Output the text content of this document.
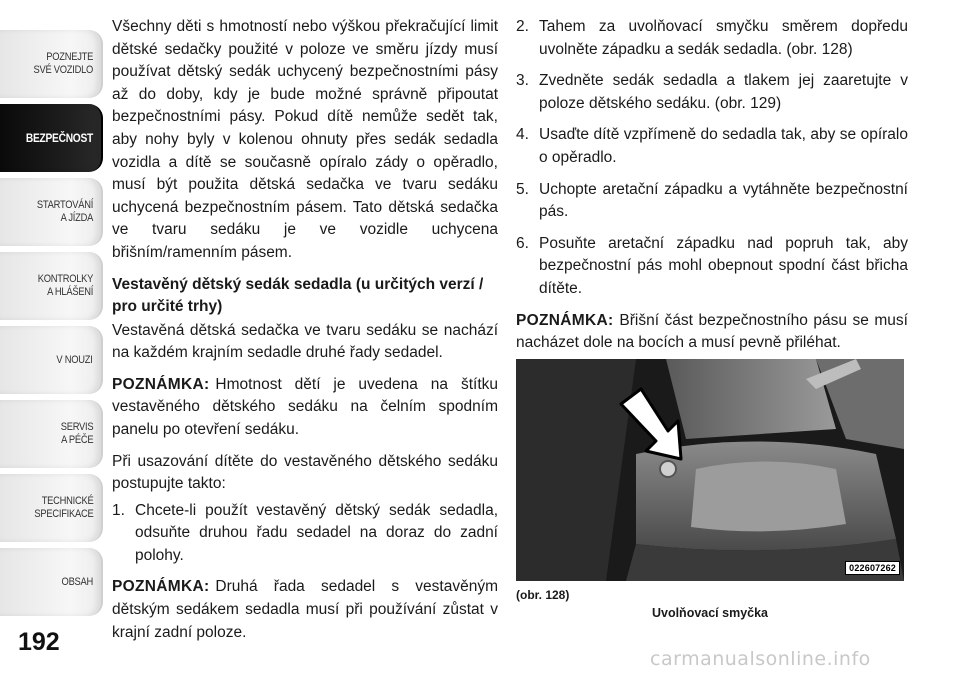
POZNEJTE
SVÉ VOZIDLO
BEZPEČNOST
STARTOVÁNÍ
A JÍZDA
KONTROLKY
A HLÁŠENÍ
V NOUZI
SERVIS
A PÉČE
TECHNICKÉ
SPECIFIKACE
OBSAH
192

Všechny děti s hmotností nebo výškou překračující limit dětské sedačky použité v poloze ve směru jízdy musí používat dětský sedák uchycený bezpečnostními pásy až do doby, kdy je bude možné správně připoutat bezpečnostními pásy. Pokud dítě nemůže sedět tak, aby nohy byly v kolenou ohnuty přes sedák sedadla vozidla a dítě se současně opíralo zády o opěradlo, musí být použita dětská sedačka ve tvaru sedáku uchycená bezpečnostním pásem. Tato dětská sedačka ve tvaru sedáku je ve vozidle uchycena břišním/ramenním pásem.

Vestavěný dětský sedák sedadla (u určitých verzí / pro určité trhy)

Vestavěná dětská sedačka ve tvaru sedáku se nachází na každém krajním sedadle druhé řady sedadel.

POZNÁMKA: Hmotnost dětí je uvedena na štítku vestavěného dětského sedáku na čelním spodním panelu po otevření sedáku.

Při usazování dítěte do vestavěného dětského sedáku postupujte takto:

1. Chcete-li použít vestavěný dětský sedák sedadla, odsuňte druhou řadu sedadel na doraz do zadní polohy.

POZNÁMKA: Druhá řada sedadel s vestavěným dětským sedákem sedadla musí při používání zůstat v krajní zadní poloze.

2. Tahem za uvolňovací smyčku směrem dopředu uvolněte západku a sedák sedadla. (obr. 128)
3. Zvedněte sedák sedadla a tlakem jej zaaretujte v poloze dětského sedáku. (obr. 129)
4. Usaďte dítě vzpřímeně do sedadla tak, aby se opíralo o opěradlo.
5. Uchopte aretační západku a vytáhněte bezpečnostní pás.
6. Posuňte aretační západku nad popruh tak, aby bezpečnostní pás mohl obepnout spodní část břicha dítěte.

POZNÁMKA: Břišní část bezpečnostního pásu se musí nacházet dole na bocích a musí pevně přiléhat.

022607262
(obr. 128)
Uvolňovací smyčka
carmanualsonline.info
